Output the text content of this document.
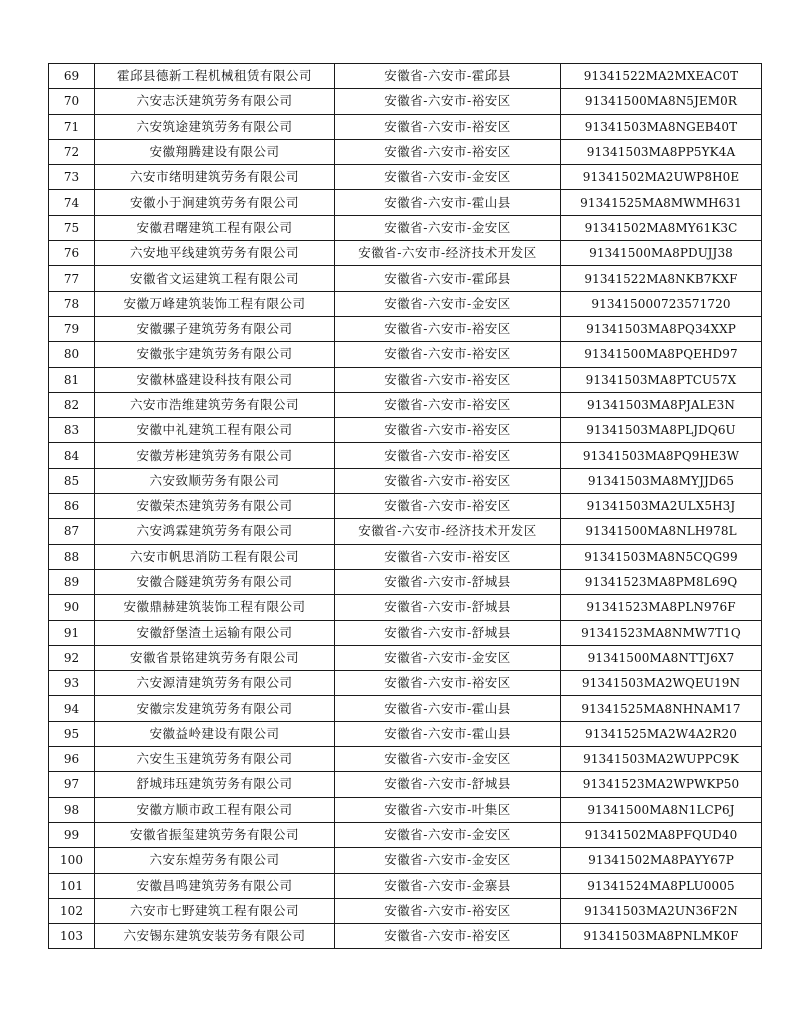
69	霍邱县德新工程机械租赁有限公司	安徽省-六安市-霍邱县	91341522MA2MXEAC0T
70	六安志沃建筑劳务有限公司	安徽省-六安市-裕安区	91341500MA8N5JEM0R
71	六安筑途建筑劳务有限公司	安徽省-六安市-裕安区	91341503MA8NGEB40T
72	安徽翔腾建设有限公司	安徽省-六安市-裕安区	91341503MA8PP5YK4A
73	六安市绪明建筑劳务有限公司	安徽省-六安市-金安区	91341502MA2UWP8H0E
74	安徽小于涧建筑劳务有限公司	安徽省-六安市-霍山县	91341525MA8MWMH631
75	安徽君曙建筑工程有限公司	安徽省-六安市-金安区	91341502MA8MY61K3C
76	六安地平线建筑劳务有限公司	安徽省-六安市-经济技术开发区	91341500MA8PDUJJ38
77	安徽省文运建筑工程有限公司	安徽省-六安市-霍邱县	91341522MA8NKB7KXF
78	安徽万峰建筑装饰工程有限公司	安徽省-六安市-金安区	913415000723571720
79	安徽骡子建筑劳务有限公司	安徽省-六安市-裕安区	91341503MA8PQ34XXP
80	安徽张宇建筑劳务有限公司	安徽省-六安市-裕安区	91341500MA8PQEHD97
81	安徽林盛建设科技有限公司	安徽省-六安市-裕安区	91341503MA8PTCU57X
82	六安市浩维建筑劳务有限公司	安徽省-六安市-裕安区	91341503MA8PJALE3N
83	安徽中礼建筑工程有限公司	安徽省-六安市-裕安区	91341503MA8PLJDQ6U
84	安徽芳彬建筑劳务有限公司	安徽省-六安市-裕安区	91341503MA8PQ9HE3W
85	六安致顺劳务有限公司	安徽省-六安市-裕安区	91341503MA8MYJJD65
86	安徽荣杰建筑劳务有限公司	安徽省-六安市-裕安区	91341503MA2ULX5H3J
87	六安鸿霖建筑劳务有限公司	安徽省-六安市-经济技术开发区	91341500MA8NLH978L
88	六安市帆思消防工程有限公司	安徽省-六安市-裕安区	91341503MA8N5CQG99
89	安徽合隧建筑劳务有限公司	安徽省-六安市-舒城县	91341523MA8PM8L69Q
90	安徽鼎赫建筑装饰工程有限公司	安徽省-六安市-舒城县	91341523MA8PLN976F
91	安徽舒堡渣土运输有限公司	安徽省-六安市-舒城县	91341523MA8NMW7T1Q
92	安徽省景铭建筑劳务有限公司	安徽省-六安市-金安区	91341500MA8NTTJ6X7
93	六安源清建筑劳务有限公司	安徽省-六安市-裕安区	91341503MA2WQEU19N
94	安徽宗发建筑劳务有限公司	安徽省-六安市-霍山县	91341525MA8NHNAM17
95	安徽益岭建设有限公司	安徽省-六安市-霍山县	91341525MA2W4A2R20
96	六安生玉建筑劳务有限公司	安徽省-六安市-金安区	91341503MA2WUPPC9K
97	舒城玮珏建筑劳务有限公司	安徽省-六安市-舒城县	91341523MA2WPWKP50
98	安徽方顺市政工程有限公司	安徽省-六安市-叶集区	91341500MA8N1LCP6J
99	安徽省振玺建筑劳务有限公司	安徽省-六安市-金安区	91341502MA8PFQUD40
100	六安东煌劳务有限公司	安徽省-六安市-金安区	91341502MA8PAYY67P
101	安徽昌鸣建筑劳务有限公司	安徽省-六安市-金寨县	91341524MA8PLU0005
102	六安市七野建筑工程有限公司	安徽省-六安市-裕安区	91341503MA2UN36F2N
103	六安锡东建筑安装劳务有限公司	安徽省-六安市-裕安区	91341503MA8PNLMK0F
